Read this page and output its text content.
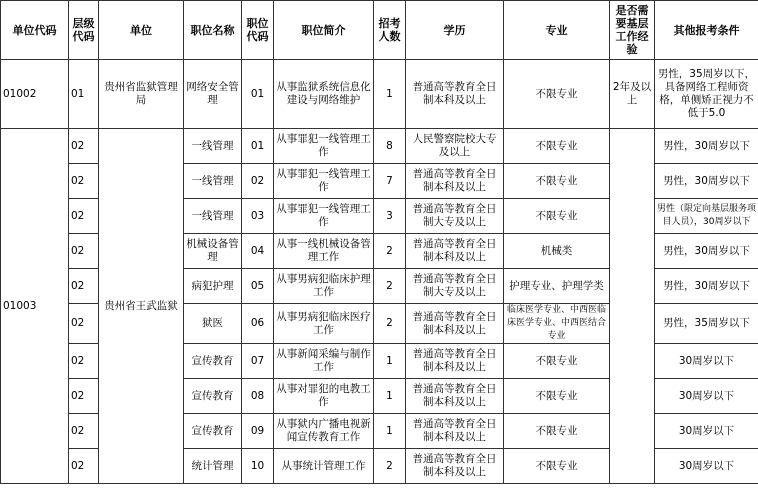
单位代码	层级代码	单位	职位名称	职位代码	职位简介	招考人数	学历	专业	是否需要基层工作经验	其他报考条件
01002	01	贵州省监狱管理局	网络安全管理	01	从事监狱系统信息化建设与网络维护	1	普通高等教育全日制本科及以上	不限专业	2年及以上	男性，35周岁以下，具备网络工程师资格，单侧矫正视力不低于5.0
01003	02	贵州省王武监狱	一线管理	01	从事罪犯一线管理工作	8	人民警察院校大专及以上	不限专业		男性，30周岁以下
	02		一线管理	02	从事罪犯一线管理工作	7	普通高等教育全日制本科及以上	不限专业		男性，30周岁以下
	02		一线管理	03	从事罪犯一线管理工作	3	普通高等教育全日制大专及以上	不限专业		男性（限定向基层服务项目人员），30周岁以下
	02		机械设备管理	04	从事一线机械设备管理工作	2	普通高等教育全日制本科及以上	机械类		男性，30周岁以下
	02		病犯护理	05	从事男病犯临床护理工作	2	普通高等教育全日制大专及以上	护理专业、护理学类		男性，30周岁以下
	02		狱医	06	从事男病犯临床医疗工作	2	普通高等教育全日制本科及以上	临床医学专业、中西医临床医学专业、中西医结合专业		男性，35周岁以下
	02		宣传教育	07	从事新闻采编与制作工作	1	普通高等教育全日制本科及以上	不限专业		30周岁以下
	02		宣传教育	08	从事对罪犯的电教工作	1	普通高等教育全日制本科及以上	不限专业		30周岁以下
	02		宣传教育	09	从事狱内广播电视新闻宣传教育工作	1	普通高等教育全日制本科及以上	不限专业		30周岁以下
	02		统计管理	10	从事统计管理工作	2	普通高等教育全日制本科及以上	不限专业		30周岁以下
